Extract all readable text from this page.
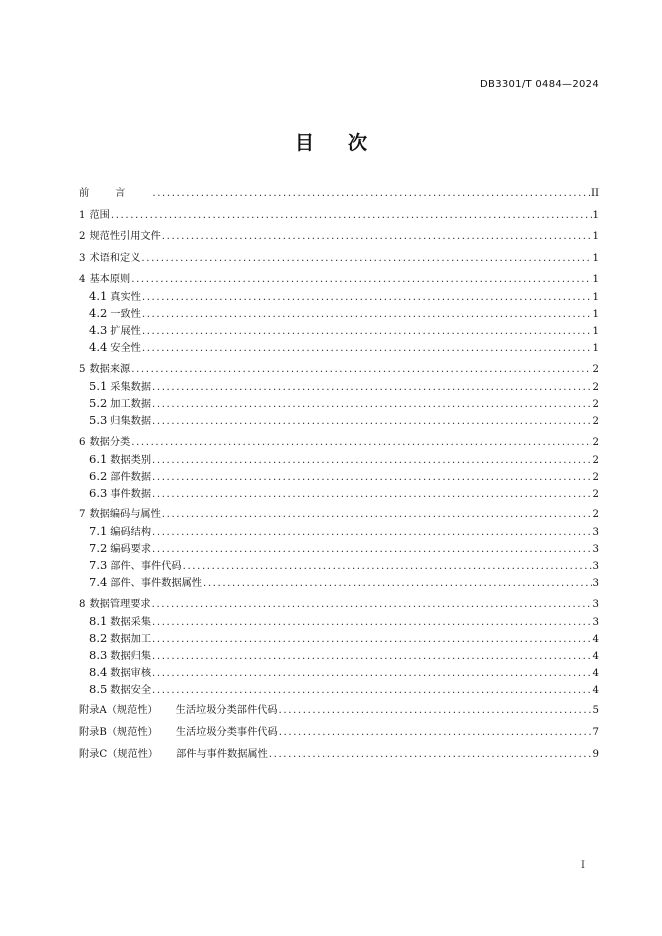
DB3301/T 0484—2024
目次
前言 .....	II
1 范围 .....	1
2 规范性引用文件 .....	1
3 术语和定义 .....	1
4 基本原则 .....	1
4.1 真实性 .....	1
4.2 一致性 .....	1
4.3 扩展性 .....	1
4.4 安全性 .....	1
5 数据来源 .....	2
5.1 采集数据 .....	2
5.2 加工数据 .....	2
5.3 归集数据 .....	2
6 数据分类 .....	2
6.1 数据类别 .....	2
6.2 部件数据 .....	2
6.3 事件数据 .....	2
7 数据编码与属性 .....	2
7.1 编码结构 .....	3
7.2 编码要求 .....	3
7.3 部件、事件代码 .....	3
7.4 部件、事件数据属性 .....	3
8 数据管理要求 .....	3
8.1 数据采集 .....	3
8.2 数据加工 .....	4
8.3 数据归集 .....	4
8.4 数据审核 .....	4
8.5 数据安全 .....	4
附录A（规范性） 生活垃圾分类部件代码 .....	5
附录B（规范性） 生活垃圾分类事件代码 .....	7
附录C（规范性） 部件与事件数据属性 .....	9
I
